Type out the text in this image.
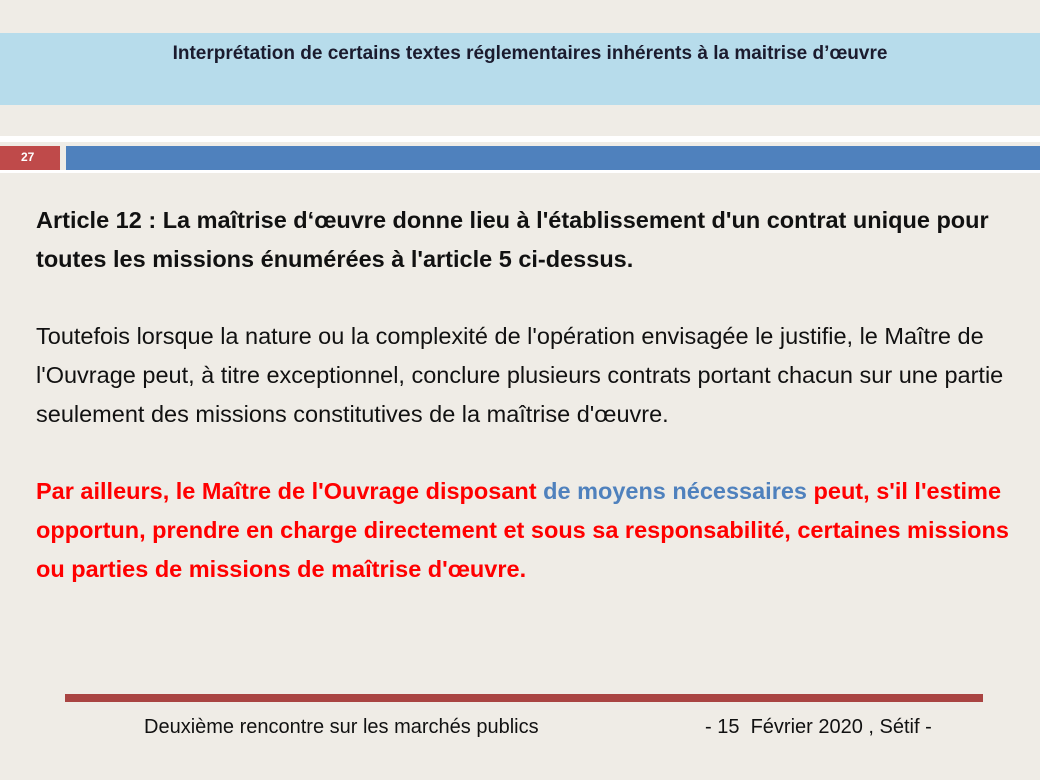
Interprétation de certains textes réglementaires inhérents à la maitrise d’œuvre
27

Article 12 : La maîtrise d‘œuvre donne lieu à l'établissement d'un contrat unique pour toutes les missions énumérées à l'article 5 ci-dessus.

Toutefois lorsque la nature ou la complexité de l'opération envisagée le justifie, le Maître de l'Ouvrage peut, à titre exceptionnel, conclure plusieurs contrats portant chacun sur une partie seulement des missions constitutives de la maîtrise d'œuvre.

Par ailleurs, le Maître de l'Ouvrage disposant de moyens nécessaires peut, s'il l'estime opportun, prendre en charge directement et sous sa responsabilité, certaines missions ou parties de missions de maîtrise d'œuvre.

Deuxième rencontre sur les marchés publics	- 15  Février 2020 , Sétif -
